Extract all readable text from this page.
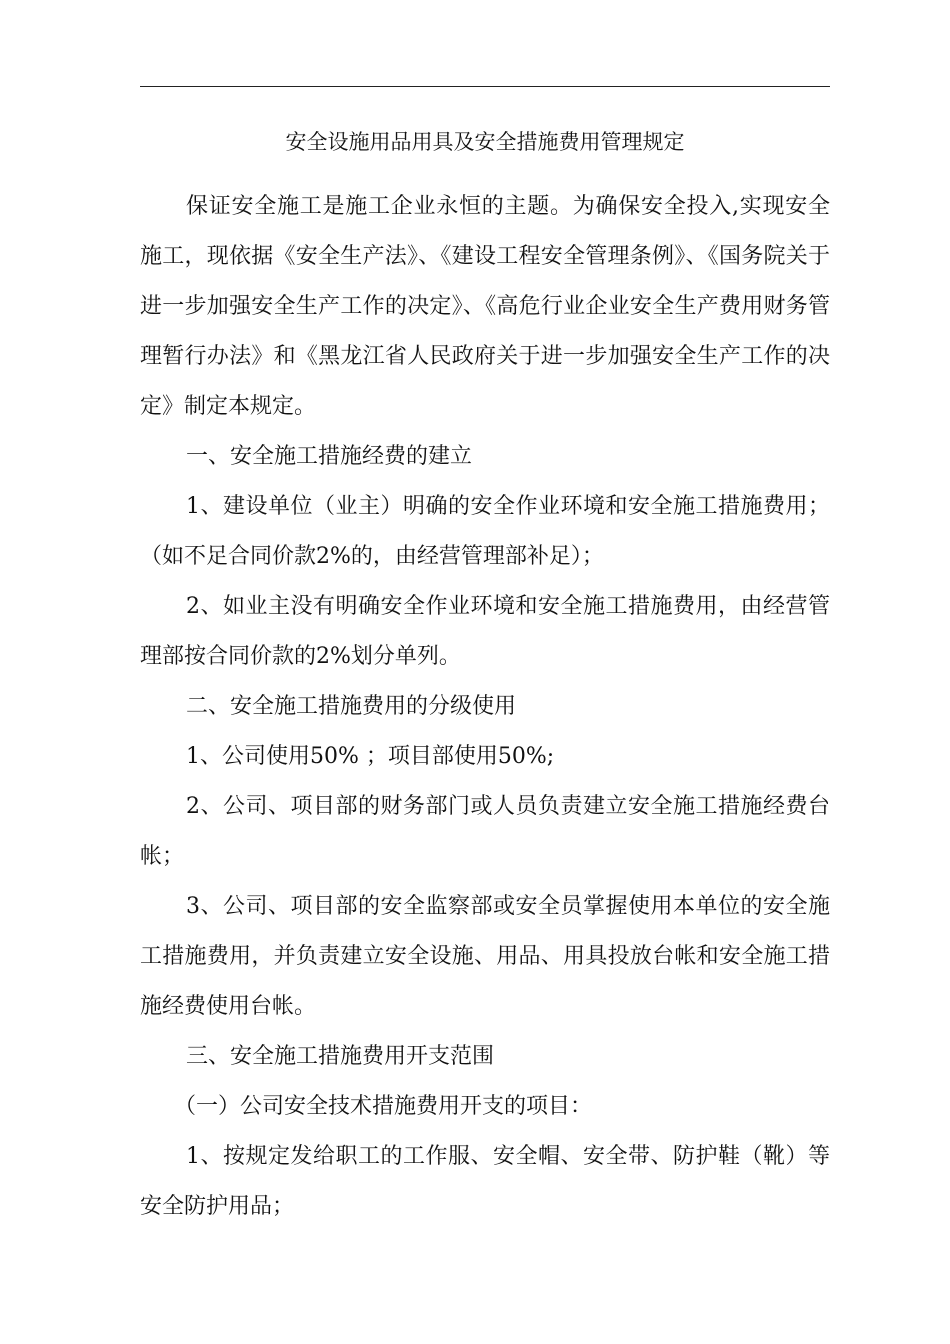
安全设施用品用具及安全措施费用管理规定

保证安全施工是施工企业永恒的主题。为确保安全投入,实现安全施工，现依据《安全生产法》、《建设工程安全管理条例》、《国务院关于进一步加强安全生产工作的决定》、《高危行业企业安全生产费用财务管理暂行办法》和《黑龙江省人民政府关于进一步加强安全生产工作的决定》制定本规定。

一、安全施工措施经费的建立

1、建设单位（业主）明确的安全作业环境和安全施工措施费用；（如不足合同价款2%的，由经营管理部补足）；

2、如业主没有明确安全作业环境和安全施工措施费用，由经营管理部按合同价款的2%划分单列。

二、安全施工措施费用的分级使用

1、公司使用50% ；项目部使用50%;

2、公司、项目部的财务部门或人员负责建立安全施工措施经费台帐；

3、公司、项目部的安全监察部或安全员掌握使用本单位的安全施工措施费用，并负责建立安全设施、用品、用具投放台帐和安全施工措施经费使用台帐。

三、安全施工措施费用开支范围

（一）公司安全技术措施费用开支的项目：

1、按规定发给职工的工作服、安全帽、安全带、防护鞋（靴）等安全防护用品；
